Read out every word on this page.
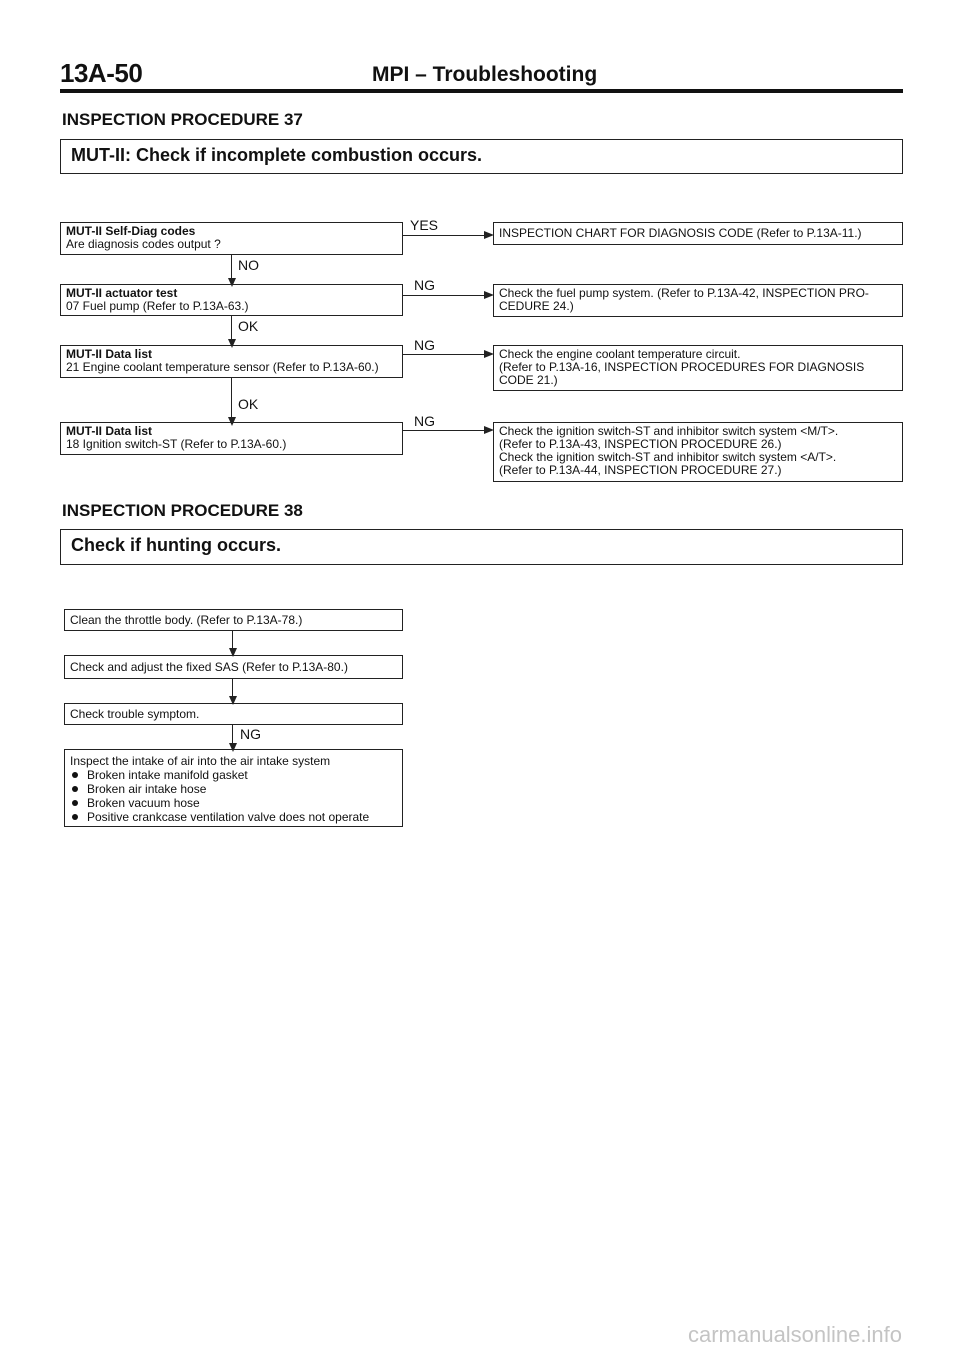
13A-50	MPI – Troubleshooting
INSPECTION PROCEDURE 37
MUT-II: Check if incomplete combustion occurs.
MUT-II Self-Diag codes
Are diagnosis codes output ?
YES	INSPECTION CHART FOR DIAGNOSIS CODE (Refer to P.13A-11.)
NO
MUT-II actuator test
07 Fuel pump (Refer to P.13A-63.)
NG	Check the fuel pump system. (Refer to P.13A-42, INSPECTION PRO-
CEDURE 24.)
OK
MUT-II Data list
21 Engine coolant temperature sensor (Refer to P.13A-60.)
NG
Check the engine coolant temperature circuit.
(Refer to P.13A-16, INSPECTION PROCEDURES FOR DIAGNOSIS
CODE 21.)
OK
MUT-II Data list
18 Ignition switch-ST (Refer to P.13A-60.)
NG
Check the ignition switch-ST and inhibitor switch system <M/T>.
(Refer to P.13A-43, INSPECTION PROCEDURE 26.)
Check the ignition switch-ST and inhibitor switch system <A/T>.
(Refer to P.13A-44, INSPECTION PROCEDURE 27.)
INSPECTION PROCEDURE 38
Check if hunting occurs.
Clean the throttle body. (Refer to P.13A-78.)
Check and adjust the fixed SAS (Refer to P.13A-80.)
Check trouble symptom.
NG
Inspect the intake of air into the air intake system
Broken intake manifold gasket
Broken air intake hose
Broken vacuum hose
Positive crankcase ventilation valve does not operate
carmanualsonline.info
